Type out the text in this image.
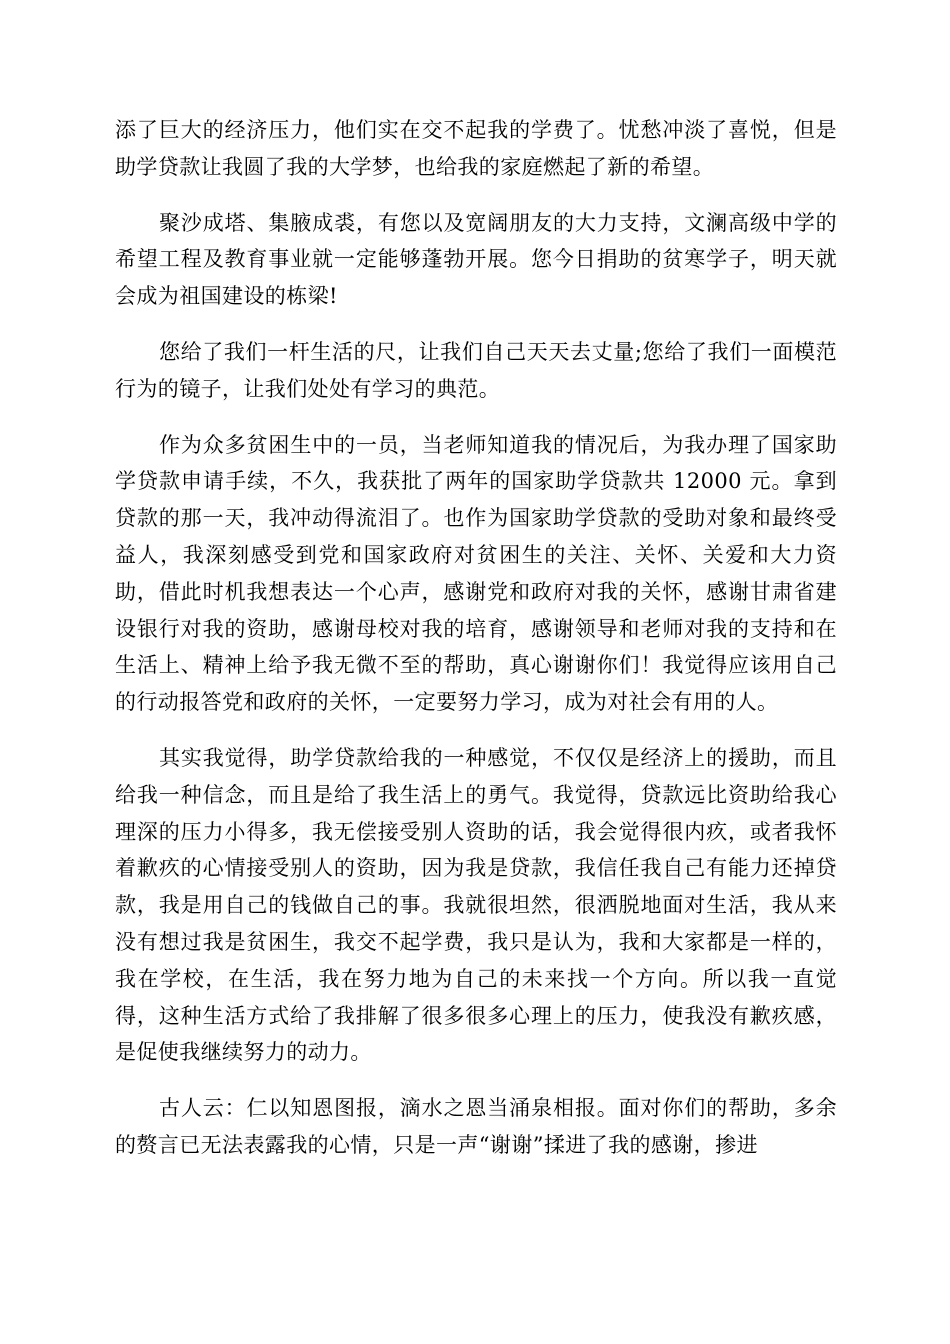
添了巨大的经济压力，他们实在交不起我的学费了。忧愁冲淡了喜悦，但是助学贷款让我圆了我的大学梦，也给我的家庭燃起了新的希望。

聚沙成塔、集腋成裘，有您以及宽阔朋友的大力支持，文澜高级中学的希望工程及教育事业就一定能够蓬勃开展。您今日捐助的贫寒学子，明天就会成为祖国建设的栋梁!

您给了我们一杆生活的尺，让我们自己天天去丈量;您给了我们一面模范行为的镜子，让我们处处有学习的典范。

作为众多贫困生中的一员，当老师知道我的情况后，为我办理了国家助学贷款申请手续，不久，我获批了两年的国家助学贷款共 12000 元。拿到贷款的那一天，我冲动得流泪了。也作为国家助学贷款的受助对象和最终受益人，我深刻感受到党和国家政府对贫困生的关注、关怀、关爱和大力资助，借此时机我想表达一个心声，感谢党和政府对我的关怀，感谢甘肃省建设银行对我的资助，感谢母校对我的培育，感谢领导和老师对我的支持和在生活上、精神上给予我无微不至的帮助，真心谢谢你们！我觉得应该用自己的行动报答党和政府的关怀，一定要努力学习，成为对社会有用的人。

其实我觉得，助学贷款给我的一种感觉，不仅仅是经济上的援助，而且给我一种信念，而且是给了我生活上的勇气。我觉得，贷款远比资助给我心理深的压力小得多，我无偿接受别人资助的话，我会觉得很内疚，或者我怀着歉疚的心情接受别人的资助，因为我是贷款，我信任我自己有能力还掉贷款，我是用自己的钱做自己的事。我就很坦然，很洒脱地面对生活，我从来没有想过我是贫困生，我交不起学费，我只是认为，我和大家都是一样的，我在学校，在生活，我在努力地为自己的未来找一个方向。所以我一直觉得，这种生活方式给了我排解了很多很多心理上的压力，使我没有歉疚感，是促使我继续努力的动力。

古人云：仁以知恩图报，滴水之恩当涌泉相报。面对你们的帮助，多余的赘言已无法表露我的心情，只是一声“谢谢”揉进了我的感谢，掺进
